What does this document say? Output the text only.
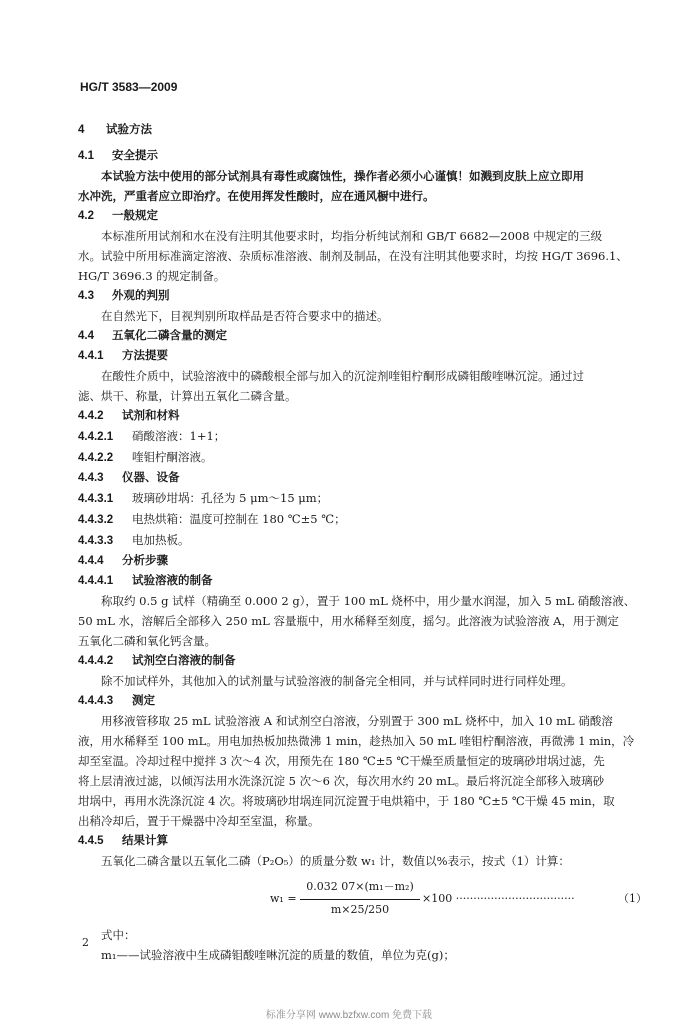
HG/T 3583—2009
4 试验方法
4.1 安全提示
本试验方法中使用的部分试剂具有毒性或腐蚀性，操作者必须小心谨慎！如溅到皮肤上应立即用
水冲洗，严重者应立即治疗。在使用挥发性酸时，应在通风橱中进行。
4.2 一般规定
本标准所用试剂和水在没有注明其他要求时，均指分析纯试剂和 GB/T 6682—2008 中规定的三级
水。试验中所用标准滴定溶液、杂质标准溶液、制剂及制品，在没有注明其他要求时，均按 HG/T 3696.1、
HG/T 3696.3 的规定制备。
4.3 外观的判别
在自然光下，目视判别所取样品是否符合要求中的描述。
4.4 五氧化二磷含量的测定
4.4.1 方法提要
在酸性介质中，试验溶液中的磷酸根全部与加入的沉淀剂喹钼柠酮形成磷钼酸喹啉沉淀。通过过
滤、烘干、称量，计算出五氧化二磷含量。
4.4.2 试剂和材料
4.4.2.1 硝酸溶液：1+1；
4.4.2.2 喹钼柠酮溶液。
4.4.3 仪器、设备
4.4.3.1 玻璃砂坩埚：孔径为 5 μm～15 μm；
4.4.3.2 电热烘箱：温度可控制在 180 ℃±5 ℃；
4.4.3.3 电加热板。
4.4.4 分析步骤
4.4.4.1 试验溶液的制备
称取约 0.5 g 试样（精确至 0.000 2 g），置于 100 mL 烧杯中，用少量水润湿，加入 5 mL 硝酸溶液、
50 mL 水，溶解后全部移入 250 mL 容量瓶中，用水稀释至刻度，摇匀。此溶液为试验溶液 A，用于测定
五氧化二磷和氧化钙含量。
4.4.4.2 试剂空白溶液的制备
除不加试样外，其他加入的试剂量与试验溶液的制备完全相同，并与试样同时进行同样处理。
4.4.4.3 测定
用移液管移取 25 mL 试验溶液 A 和试剂空白溶液，分别置于 300 mL 烧杯中，加入 10 mL 硝酸溶
液，用水稀释至 100 mL。用电加热板加热微沸 1 min，趁热加入 50 mL 喹钼柠酮溶液，再微沸 1 min，冷
却至室温。冷却过程中搅拌 3 次～4 次，用预先在 180 ℃±5 ℃干燥至质量恒定的玻璃砂坩埚过滤，先
将上层清液过滤，以倾泻法用水洗涤沉淀 5 次～6 次，每次用水约 20 mL。最后将沉淀全部移入玻璃砂
坩埚中，再用水洗涤沉淀 4 次。将玻璃砂坩埚连同沉淀置于电烘箱中，于 180 ℃±5 ℃干燥 45 min，取
出稍冷却后，置于干燥器中冷却至室温，称量。
4.4.5 结果计算
五氧化二磷含量以五氧化二磷（P₂O₅）的质量分数 w₁ 计，数值以%表示，按式（1）计算：
$w_1 = \frac{\text{0.032 07×(m₁－m₂)}}{m\times 25/250} \times 100$ ··································	（1）
式中：
m₁——试验溶液中生成磷钼酸喹啉沉淀的质量的数值，单位为克(g)；
2
标准分享网 www.bzfxw.com 免费下载
